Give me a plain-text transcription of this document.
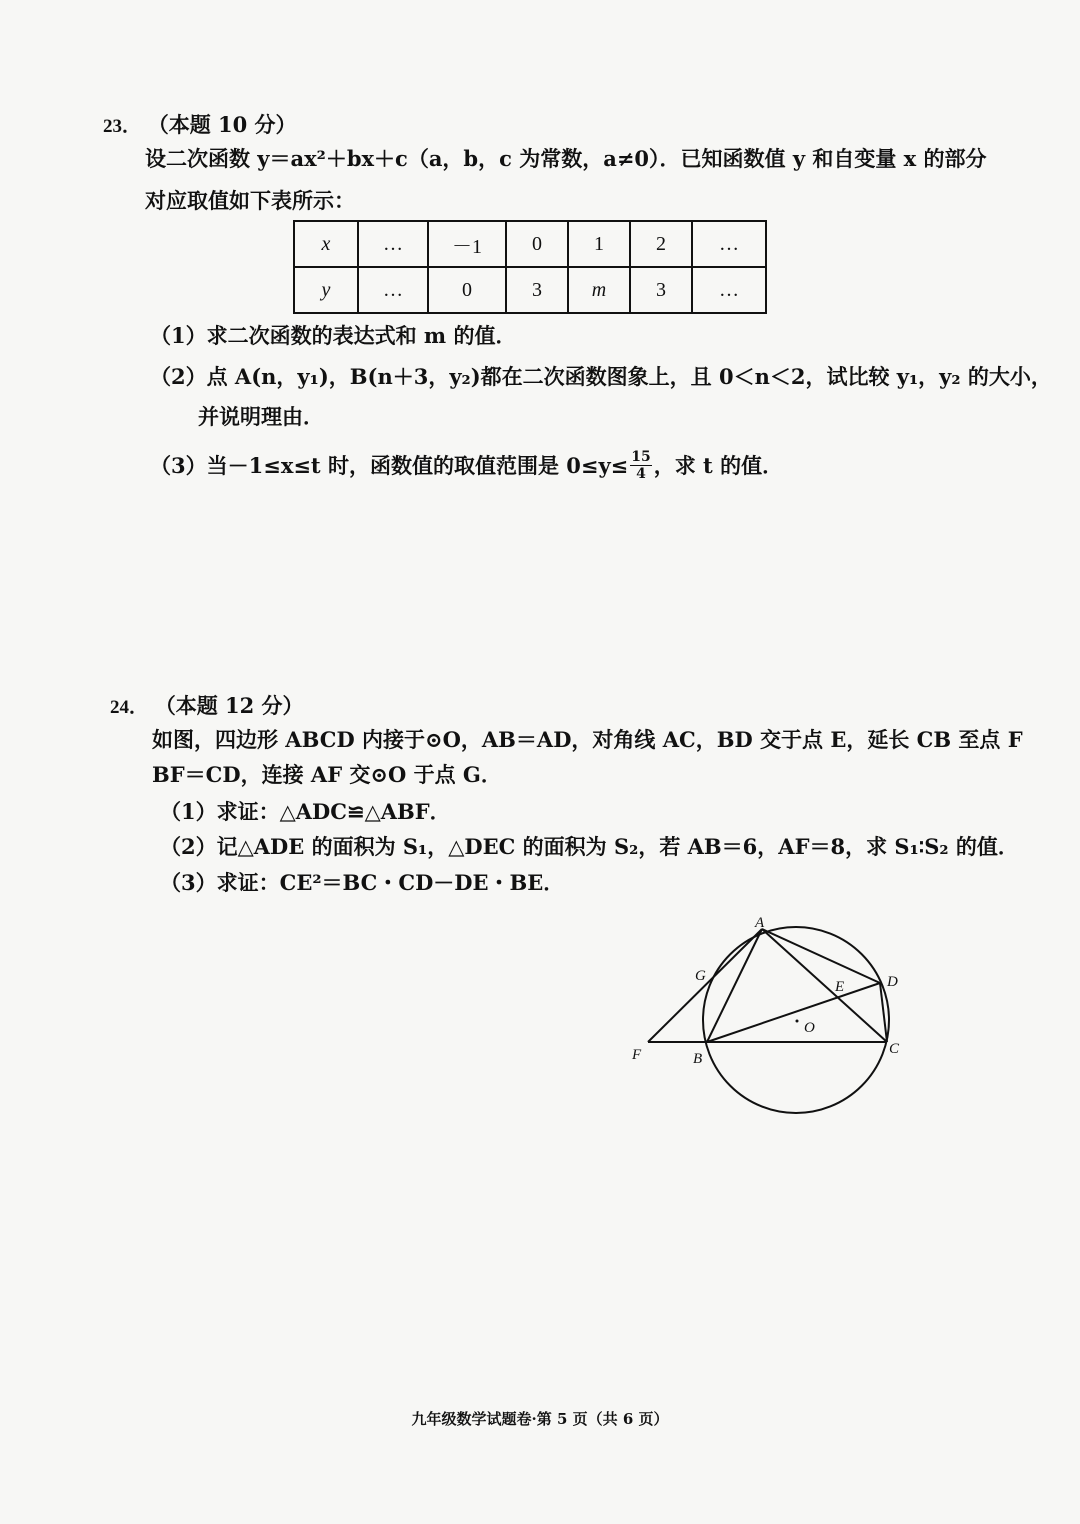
23． （本题 10 分）
设二次函数 y＝ax²＋bx＋c（a，b，c 为常数，a≠0）．已知函数值 y 和自变量 x 的部分
对应取值如下表所示：
x	…	－1	0	1	2	…
y	…	0	3	m	3	…
（1）求二次函数的表达式和 m 的值．
（2）点 A(n，y₁)，B(n＋3，y₂)都在二次函数图象上，且 0＜n＜2，试比较 y₁，y₂ 的大小，
并说明理由．
（3）当－1≤x≤t 时，函数值的取值范围是 $0\le y\le \frac{15}{4}$ ，求 t 的值．
24． （本题 12 分）
如图，四边形 ABCD 内接于⊙O，AB＝AD，对角线 AC，BD 交于点 E，延长 CB 至点 F
BF＝CD，连接 AF 交⊙O 于点 G．
（1）求证：△ADC≌△ABF．
（2）记△ADE 的面积为 S₁，△DEC 的面积为 S₂，若 AB＝6，AF＝8，求 S₁∶S₂ 的值．
（3）求证：CE²＝BC・CD－DE・BE．
A
B
C
D
E
F
G
O
九年级数学试题卷·第 5 页（共 6 页）
